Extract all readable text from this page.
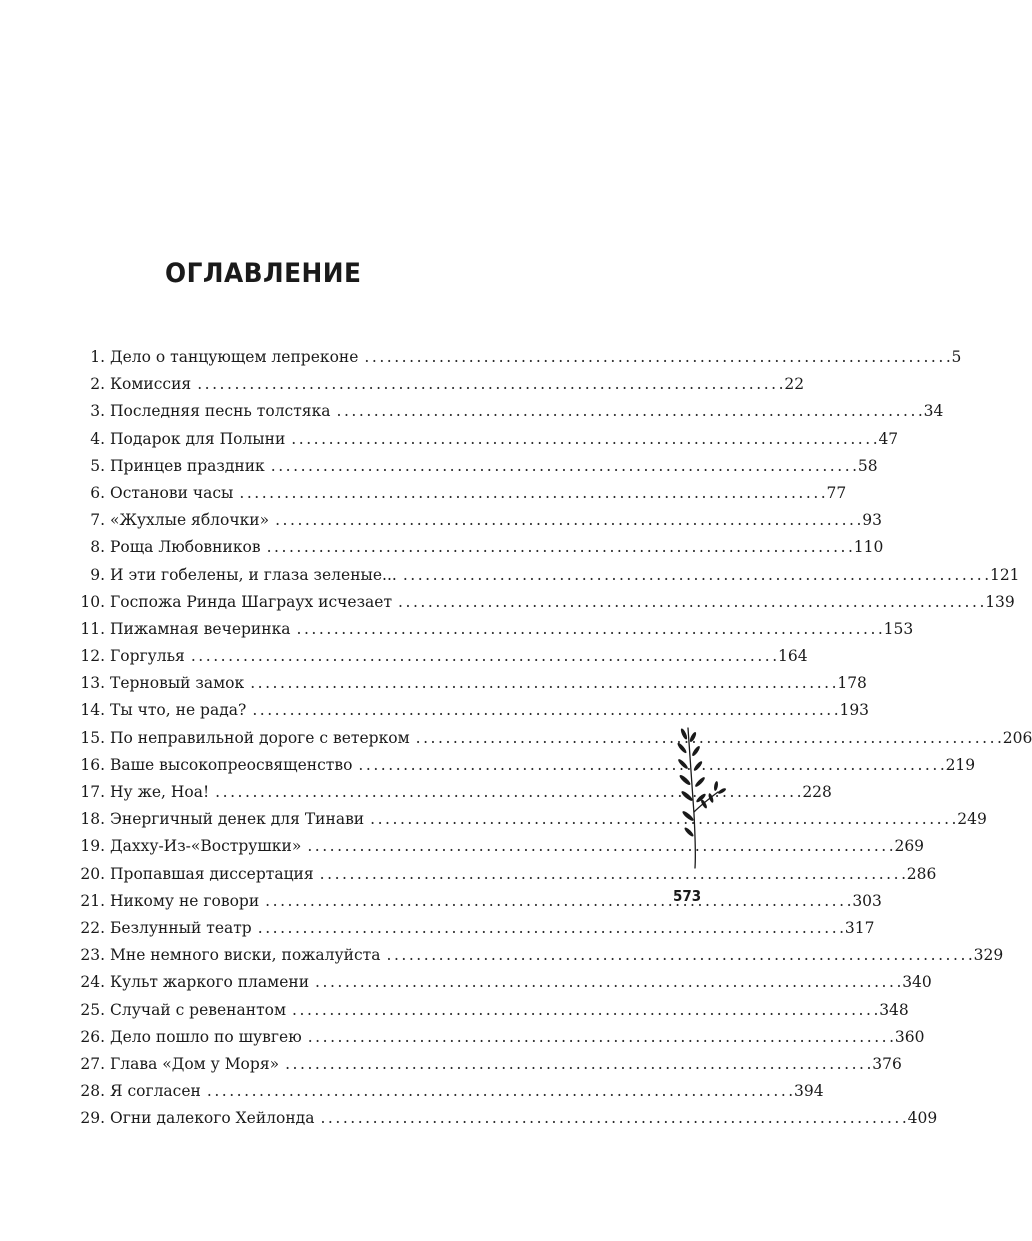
ОГЛАВЛЕНИЕ
1. Дело о танцующем лепреконе . . .	5
2. Комиссия . . .	22
3. Последняя песнь толстяка . . .	34
4. Подарок для Полыни . . .	47
5. Принцев праздник . . .	58
6. Останови часы . . .	77
7. «Жухлые яблочки» . . .	93
8. Роща Любовников . . .	110
9. И эти гобелены, и глаза зеленые... . . .	121
10. Госпожа Ринда Шаграух исчезает . . .	139
11. Пижамная вечеринка . . .	153
12. Горгулья . . .	164
13. Терновый замок . . .	178
14. Ты что, не рада? . . .	193
15. По неправильной дороге с ветерком . . .	206
16. Ваше высокопреосвященство . . .	219
17. Ну же, Ноа! . . .	228
18. Энергичный денек для Тинави . . .	249
19. Дахху-Из-«Вострушки» . . .	269
20. Пропавшая диссертация . . .	286
21. Никому не говори . . .	303
22. Безлунный театр . . .	317
23. Мне немного виски, пожалуйста . . .	329
24. Культ жаркого пламени . . .	340
25. Случай с ревенантом . . .	348
26. Дело пошло по шувгею . . .	360
27. Глава «Дом у Моря» . . .	376
28. Я согласен . . .	394
29. Огни далекого Хейлонда . . .	409
573
